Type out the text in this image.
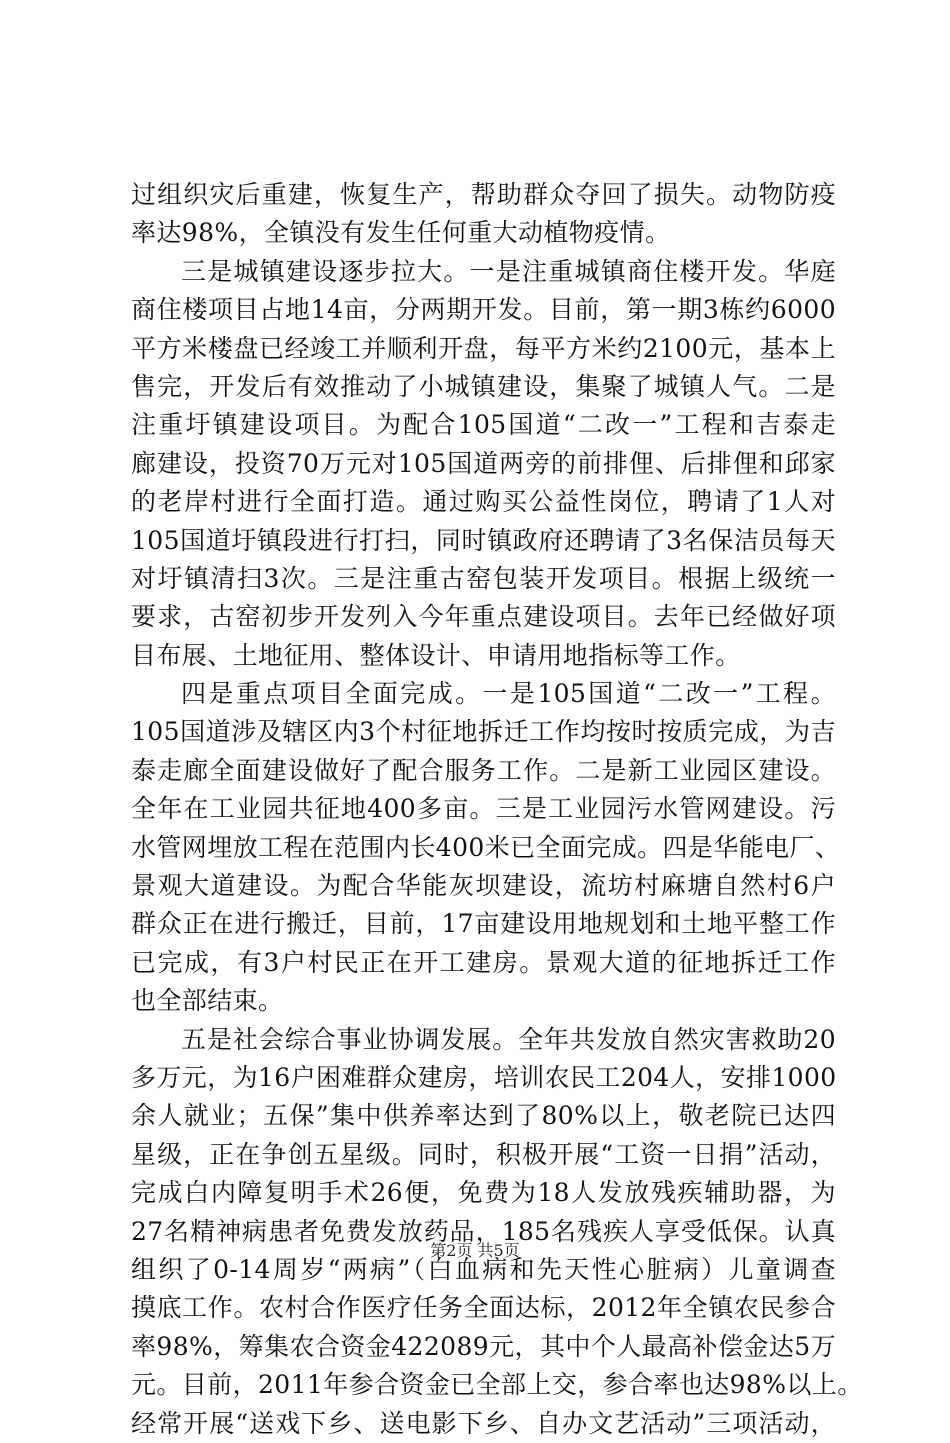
过组织灾后重建，恢复生产，帮助群众夺回了损失。动物防疫
率达98%，全镇没有发生任何重大动植物疫情。
三是城镇建设逐步拉大。一是注重城镇商住楼开发。华庭
商住楼项目占地14亩，分两期开发。目前，第一期3栋约6000
平方米楼盘已经竣工并顺利开盘，每平方米约2100元，基本上
售完，开发后有效推动了小城镇建设，集聚了城镇人气。二是
注重圩镇建设项目。为配合105国道“二改一”工程和吉泰走
廊建设，投资70万元对105国道两旁的前排俚、后排俚和邱家
的老岸村进行全面打造。通过购买公益性岗位，聘请了1人对
105国道圩镇段进行打扫，同时镇政府还聘请了3名保洁员每天
对圩镇清扫3次。三是注重古窑包装开发项目。根据上级统一
要求，古窑初步开发列入今年重点建设项目。去年已经做好项
目布展、土地征用、整体设计、申请用地指标等工作。
四是重点项目全面完成。一是105国道“二改一”工程。
105国道涉及辖区内3个村征地拆迁工作均按时按质完成，为吉
泰走廊全面建设做好了配合服务工作。二是新工业园区建设。
全年在工业园共征地400多亩。三是工业园污水管网建设。污
水管网埋放工程在范围内长400米已全面完成。四是华能电厂、
景观大道建设。为配合华能灰坝建设，流坊村麻塘自然村6户
群众正在进行搬迁，目前，17亩建设用地规划和土地平整工作
已完成，有3户村民正在开工建房。景观大道的征地拆迁工作
也全部结束。
五是社会综合事业协调发展。全年共发放自然灾害救助20
多万元，为16户困难群众建房，培训农民工204人，安排1000
余人就业；五保”集中供养率达到了80%以上，敬老院已达四
星级，正在争创五星级。同时，积极开展“工资一日捐”活动，
完成白内障复明手术26便，免费为18人发放残疾辅助器，为
27名精神病患者免费发放药品，185名残疾人享受低保。认真
组织了0-14周岁“两病”（白血病和先天性心脏病）儿童调查
摸底工作。农村合作医疗任务全面达标，2012年全镇农民参合
率98%，筹集农合资金422089元，其中个人最高补偿金达5万
元。目前，2011年参合资金已全部上交，参合率也达98%以上。
经常开展“送戏下乡、送电影下乡、自办文艺活动”三项活动，
第2页 共5页
